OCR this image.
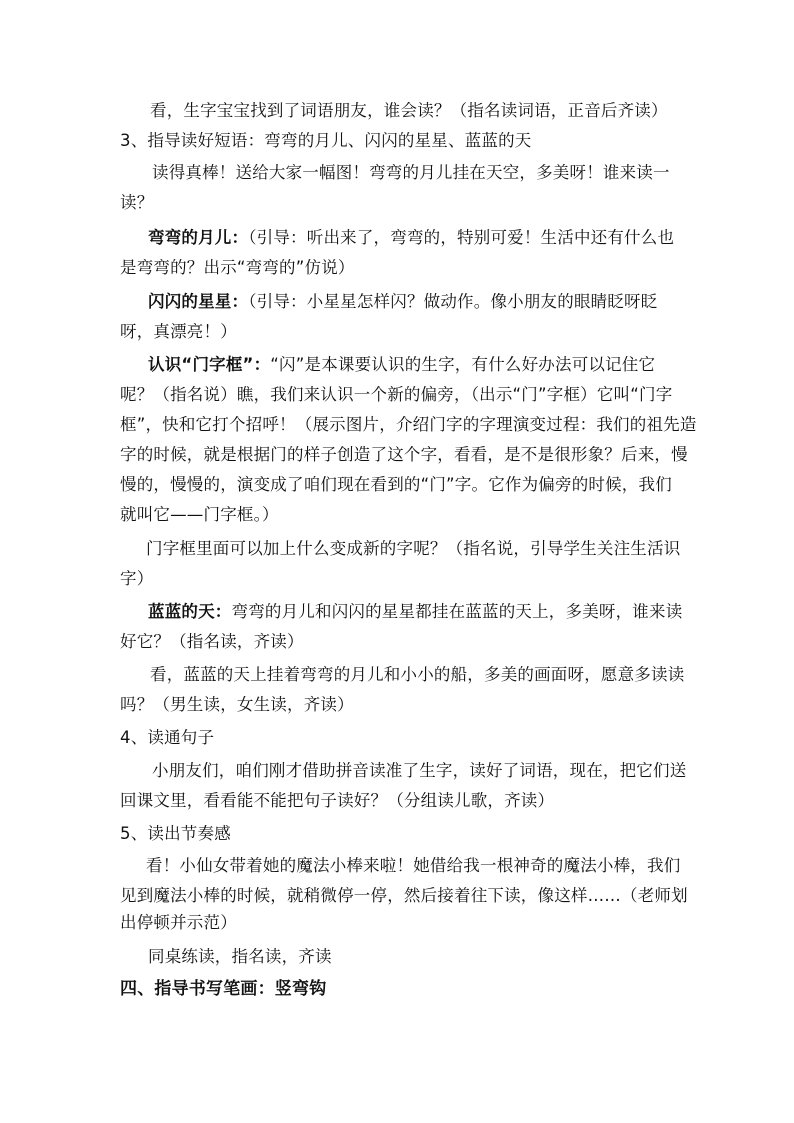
看，生字宝宝找到了词语朋友，谁会读？（指名读词语，正音后齐读）
3、指导读好短语：弯弯的月儿、闪闪的星星、蓝蓝的天
读得真棒！送给大家一幅图！弯弯的月儿挂在天空，多美呀！谁来读一
读？
弯弯的月儿：（引导：听出来了，弯弯的，特别可爱！生活中还有什么也
是弯弯的？出示“弯弯的”仿说）
闪闪的星星：（引导：小星星怎样闪？做动作。像小朋友的眼睛眨呀眨
呀，真漂亮！）
认识“门字框”：“闪”是本课要认识的生字，有什么好办法可以记住它
呢？（指名说）瞧，我们来认识一个新的偏旁，（出示“门”字框）它叫“门字
框”，快和它打个招呼！（展示图片，介绍门字的字理演变过程：我们的祖先造
字的时候，就是根据门的样子创造了这个字，看看，是不是很形象？后来，慢
慢的，慢慢的，演变成了咱们现在看到的“门”字。它作为偏旁的时候，我们
就叫它——门字框。）
门字框里面可以加上什么变成新的字呢？（指名说，引导学生关注生活识
字）
蓝蓝的天：弯弯的月儿和闪闪的星星都挂在蓝蓝的天上，多美呀，谁来读
好它？（指名读，齐读）
看，蓝蓝的天上挂着弯弯的月儿和小小的船，多美的画面呀，愿意多读读
吗？（男生读，女生读，齐读）
4、读通句子
小朋友们，咱们刚才借助拼音读准了生字，读好了词语，现在，把它们送
回课文里，看看能不能把句子读好？（分组读儿歌，齐读）
5、读出节奏感
看！小仙女带着她的魔法小棒来啦！她借给我一根神奇的魔法小棒，我们
见到魔法小棒的时候，就稍微停一停，然后接着往下读，像这样……（老师划
出停顿并示范）
同桌练读，指名读，齐读
四、指导书写笔画：竖弯钩
